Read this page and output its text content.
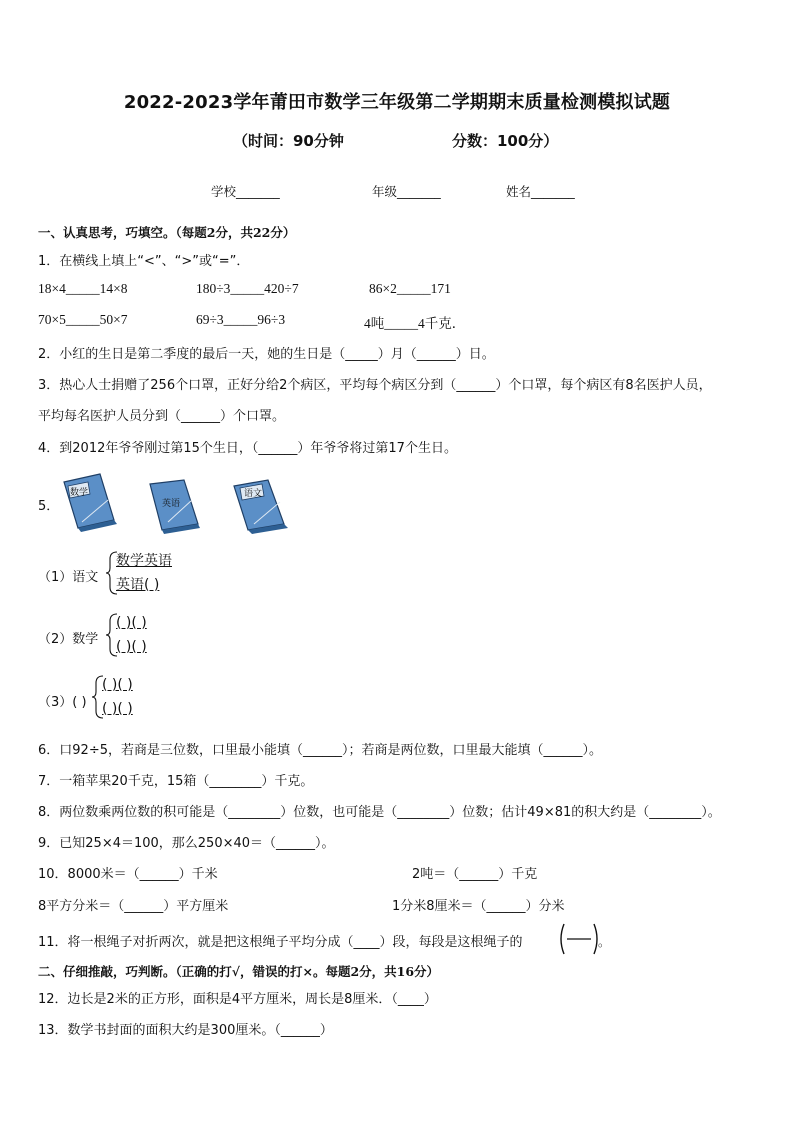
2022-2023学年莆田市数学三年级第二学期期末质量检测模拟试题
（时间：90分钟	分数：100分）
学校_______	年级_______	姓名_______
一、认真思考，巧填空。（每题2分，共22分）
1．在横线上填上“<”、“>”或“=”．
18×4_____14×8	180÷3_____420÷7	86×2_____171
70×5_____50×7	69÷3_____96÷3	4吨_____4千克．
2．小红的生日是第二季度的最后一天，她的生日是（_____）月（______）日。
3．热心人士捐赠了256个口罩，正好分给2个病区，平均每个病区分到（______）个口罩，每个病区有8名医护人员，
平均每名医护人员分到（______）个口罩。
4．到2012年爷爷刚过第15个生日，（______）年爷爷将过第17个生日。
5．
数学
英语
语文
（1）语文
数学英语
英语( )
（2）数学
( )( )
( )( )
（3）( )
( )( )
( )( )
6．口92÷5，若商是三位数，口里最小能填（______）；若商是两位数，口里最大能填（______）。
7．一箱苹果20千克，15箱（________）千克。
8．两位数乘两位数的积可能是（________）位数，也可能是（________）位数；估计49×81的积大约是（________）。
9．已知25×4＝100，那么250×40＝（______）。
10．8000米＝（______）千米	2吨＝（______）千克
8平方分米＝（______）平方厘米	1分米8厘米＝（______）分米
11．将一根绳子对折两次，就是把这根绳子平均分成（____）段，每段是这根绳子的	。
二、仔细推敲，巧判断。（正确的打√，错误的打×。每题2分，共16分）
12．边长是2米的正方形，面积是4平方厘米，周长是8厘米．（____）
13．数学书封面的面积大约是300厘米。（______）
